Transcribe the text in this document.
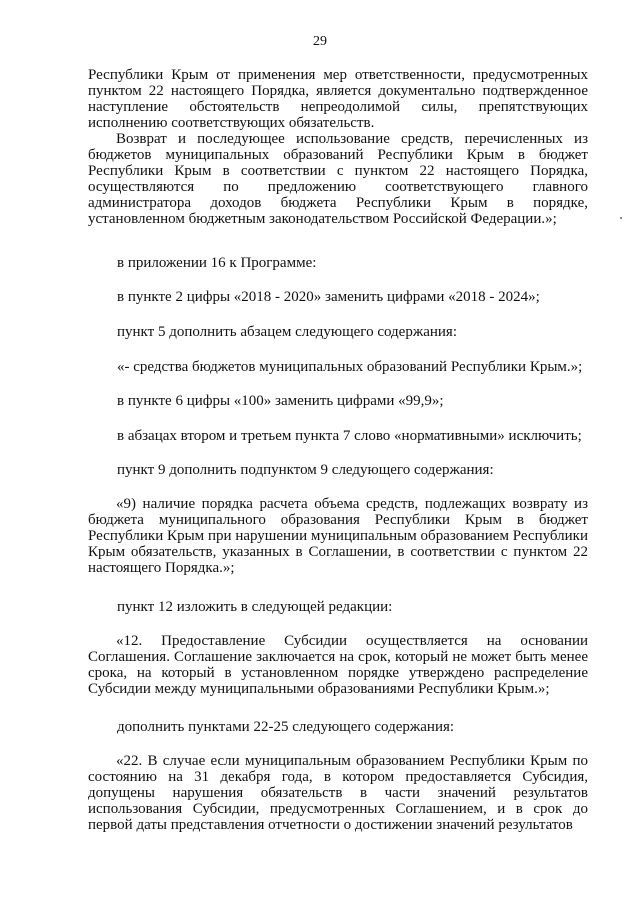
29

Республики Крым от применения мер ответственности, предусмотренных пунктом 22 настоящего Порядка, является документально подтвержденное наступление обстоятельств непреодолимой силы, препятствующих исполнению соответствующих обязательств.

Возврат и последующее использование средств, перечисленных из бюджетов муниципальных образований Республики Крым в бюджет Республики Крым в соответствии с пунктом 22 настоящего Порядка, осуществляются по предложению соответствующего главного администратора доходов бюджета Республики Крым в порядке, установленном бюджетным законодательством Российской Федерации.»;

в приложении 16 к Программе:

в пункте 2 цифры «2018 - 2020» заменить цифрами «2018 - 2024»;

пункт 5 дополнить абзацем следующего содержания:

«- средства бюджетов муниципальных образований Республики Крым.»;

в пункте 6 цифры «100» заменить цифрами «99,9»;

в абзацах втором и третьем пункта 7 слово «нормативными» исключить;

пункт 9 дополнить подпунктом 9 следующего содержания:

«9) наличие порядка расчета объема средств, подлежащих возврату из бюджета муниципального образования Республики Крым в бюджет Республики Крым при нарушении муниципальным образованием Республики Крым обязательств, указанных в Соглашении, в соответствии с пунктом 22 настоящего Порядка.»;

пункт 12 изложить в следующей редакции:

«12. Предоставление Субсидии осуществляется на основании Соглашения. Соглашение заключается на срок, который не может быть менее срока, на который в установленном порядке утверждено распределение Субсидии между муниципальными образованиями Республики Крым.»;

дополнить пунктами 22-25 следующего содержания:

«22. В случае если муниципальным образованием Республики Крым по состоянию на 31 декабря года, в котором предоставляется Субсидия, допущены нарушения обязательств в части значений результатов использования Субсидии, предусмотренных Соглашением, и в срок до первой даты представления отчетности о достижении значений результатов
